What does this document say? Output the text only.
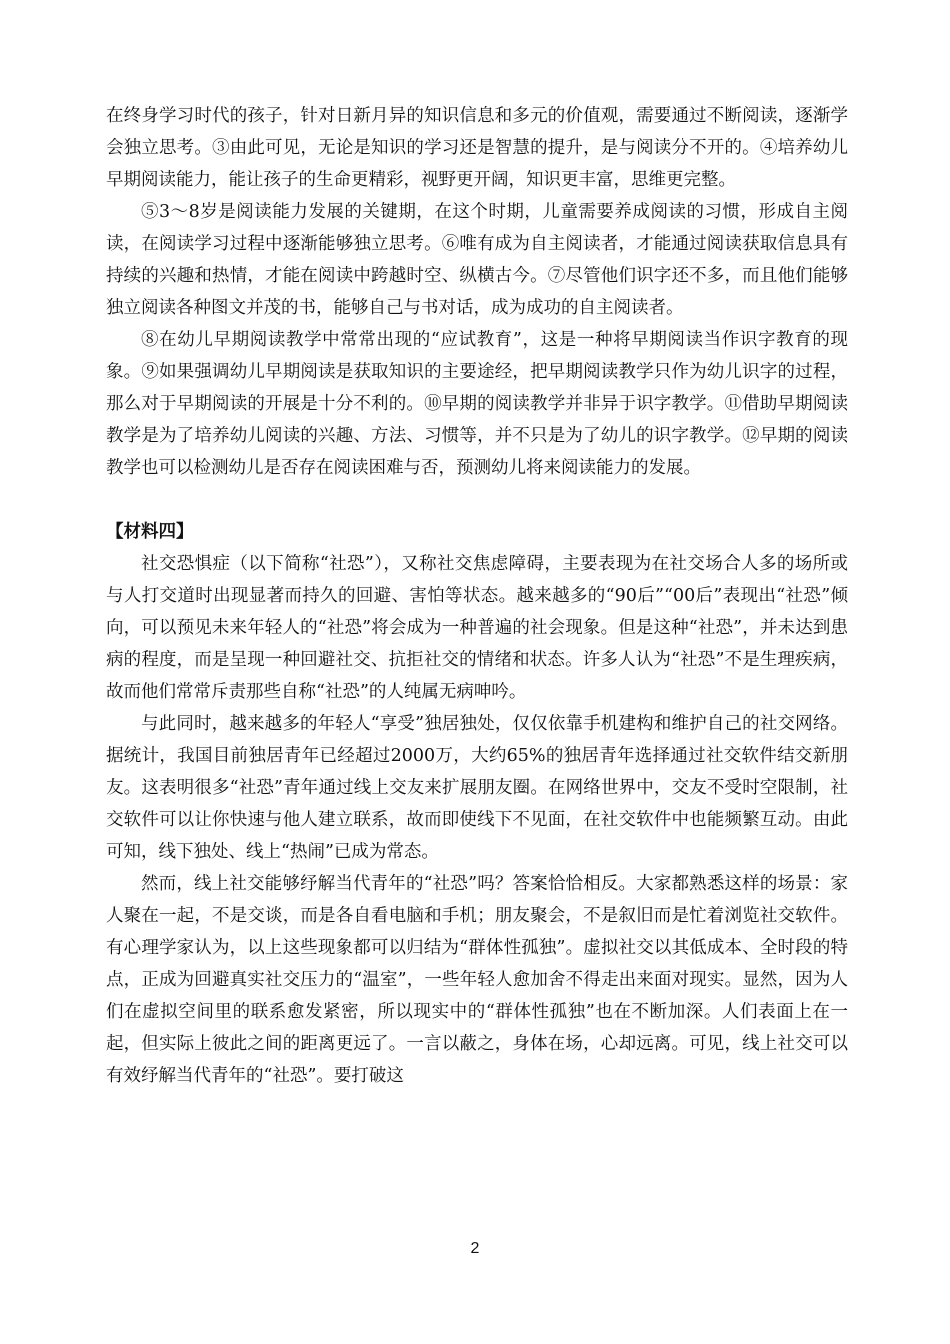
在终身学习时代的孩子，针对日新月异的知识信息和多元的价值观，需要通过不断阅读，逐渐学会独立思考。③由此可见，无论是知识的学习还是智慧的提升，是与阅读分不开的。④培养幼儿早期阅读能力，能让孩子的生命更精彩，视野更开阔，知识更丰富，思维更完整。

⑤3～8岁是阅读能力发展的关键期，在这个时期，儿童需要养成阅读的习惯，形成自主阅读，在阅读学习过程中逐渐能够独立思考。⑥唯有成为自主阅读者，才能通过阅读获取信息具有持续的兴趣和热情，才能在阅读中跨越时空、纵横古今。⑦尽管他们识字还不多，而且他们能够独立阅读各种图文并茂的书，能够自己与书对话，成为成功的自主阅读者。

⑧在幼儿早期阅读教学中常常出现的“应试教育”，这是一种将早期阅读当作识字教育的现象。⑨如果强调幼儿早期阅读是获取知识的主要途经，把早期阅读教学只作为幼儿识字的过程，那么对于早期阅读的开展是十分不利的。⑩早期的阅读教学并非异于识字教学。⑪借助早期阅读教学是为了培养幼儿阅读的兴趣、方法、习惯等，并不只是为了幼儿的识字教学。⑫早期的阅读教学也可以检测幼儿是否存在阅读困难与否，预测幼儿将来阅读能力的发展。

【材料四】

社交恐惧症（以下简称“社恐”），又称社交焦虑障碍，主要表现为在社交场合人多的场所或与人打交道时出现显著而持久的回避、害怕等状态。越来越多的“90后”“00后”表现出“社恐”倾向，可以预见未来年轻人的“社恐”将会成为一种普遍的社会现象。但是这种“社恐”，并未达到患病的程度，而是呈现一种回避社交、抗拒社交的情绪和状态。许多人认为“社恐”不是生理疾病，故而他们常常斥责那些自称“社恐”的人纯属无病呻吟。

与此同时，越来越多的年轻人“享受”独居独处，仅仅依靠手机建构和维护自己的社交网络。据统计，我国目前独居青年已经超过2000万，大约65%的独居青年选择通过社交软件结交新朋友。这表明很多“社恐”青年通过线上交友来扩展朋友圈。在网络世界中，交友不受时空限制，社交软件可以让你快速与他人建立联系，故而即使线下不见面，在社交软件中也能频繁互动。由此可知，线下独处、线上“热闹”已成为常态。

然而，线上社交能够纾解当代青年的“社恐”吗？答案恰恰相反。大家都熟悉这样的场景：家人聚在一起，不是交谈，而是各自看电脑和手机；朋友聚会，不是叙旧而是忙着浏览社交软件。有心理学家认为，以上这些现象都可以归结为“群体性孤独”。虚拟社交以其低成本、全时段的特点，正成为回避真实社交压力的“温室”，一些年轻人愈加舍不得走出来面对现实。显然，因为人们在虚拟空间里的联系愈发紧密，所以现实中的“群体性孤独”也在不断加深。人们表面上在一起，但实际上彼此之间的距离更远了。一言以蔽之，身体在场，心却远离。可见，线上社交可以有效纾解当代青年的“社恐”。要打破这

2
